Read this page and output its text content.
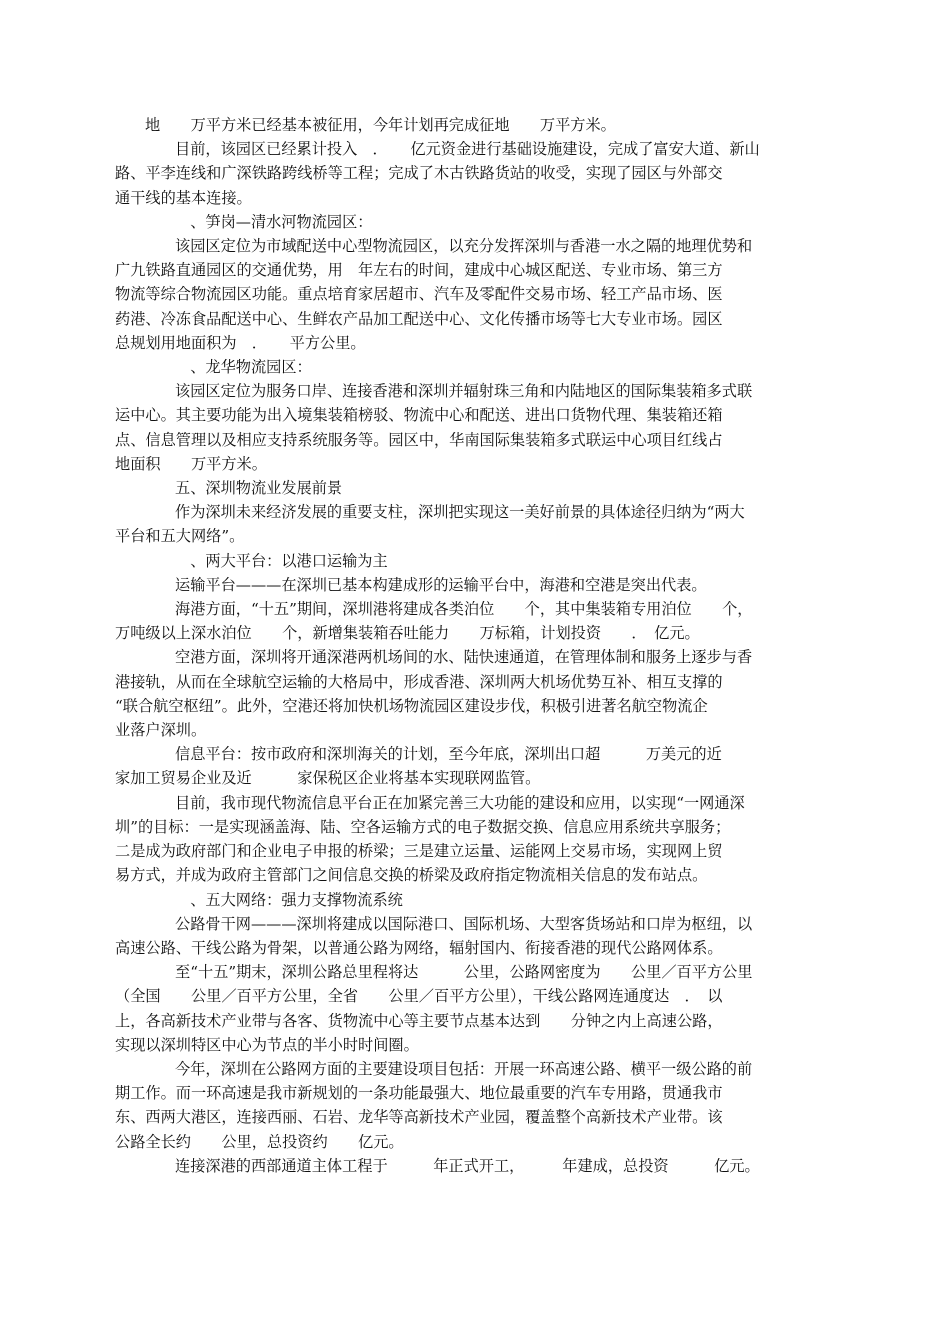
地　　万平方米已经基本被征用，今年计划再完成征地　　万平方米。

目前，该园区已经累计投入　．　　亿元资金进行基础设施建设，完成了富安大道、新山
路、平李连线和广深铁路跨线桥等工程；完成了木古铁路货站的收受，实现了园区与外部交
通干线的基本连接。

　、笋岗—清水河物流园区：

该园区定位为市域配送中心型物流园区，以充分发挥深圳与香港一水之隔的地理优势和
广九铁路直通园区的交通优势，用　年左右的时间，建成中心城区配送、专业市场、第三方
物流等综合物流园区功能。重点培育家居超市、汽车及零配件交易市场、轻工产品市场、医
药港、冷冻食品配送中心、生鲜农产品加工配送中心、文化传播市场等七大专业市场。园区
总规划用地面积为　．　　平方公里。

　、龙华物流园区：

该园区定位为服务口岸、连接香港和深圳并辐射珠三角和内陆地区的国际集装箱多式联
运中心。其主要功能为出入境集装箱榜驳、物流中心和配送、进出口货物代理、集装箱还箱
点、信息管理以及相应支持系统服务等。园区中，华南国际集装箱多式联运中心项目红线占
地面积　　万平方米。

五、深圳物流业发展前景

作为深圳未来经济发展的重要支柱，深圳把实现这一美好前景的具体途径归纳为“两大
平台和五大网络”。

　、两大平台：以港口运输为主

运输平台———在深圳已基本构建成形的运输平台中，海港和空港是突出代表。

海港方面，“十五”期间，深圳港将建成各类泊位　　个，其中集装箱专用泊位　　个，
万吨级以上深水泊位　　个，新增集装箱吞吐能力　　万标箱，计划投资　　．　亿元。

空港方面，深圳将开通深港两机场间的水、陆快速通道，在管理体制和服务上逐步与香
港接轨，从而在全球航空运输的大格局中，形成香港、深圳两大机场优势互补、相互支撑的
“联合航空枢纽”。此外，空港还将加快机场物流园区建设步伐，积极引进著名航空物流企
业落户深圳。

信息平台：按市政府和深圳海关的计划，至今年底，深圳出口超　　　万美元的近
家加工贸易企业及近　　　家保税区企业将基本实现联网监管。

目前，我市现代物流信息平台正在加紧完善三大功能的建设和应用，以实现“一网通深
圳”的目标：一是实现涵盖海、陆、空各运输方式的电子数据交换、信息应用系统共享服务；
二是成为政府部门和企业电子申报的桥梁；三是建立运量、运能网上交易市场，实现网上贸
易方式，并成为政府主管部门之间信息交换的桥梁及政府指定物流相关信息的发布站点。

　、五大网络：强力支撑物流系统

公路骨干网———深圳将建成以国际港口、国际机场、大型客货场站和口岸为枢纽，以
高速公路、干线公路为骨架，以普通公路为网络，辐射国内、衔接香港的现代公路网体系。

至“十五”期末，深圳公路总里程将达　　　公里，公路网密度为　　公里／百平方公里
（全国　　公里／百平方公里，全省　　公里／百平方公里），干线公路网连通度达　．　以
上，各高新技术产业带与各客、货物流中心等主要节点基本达到　　分钟之内上高速公路，
实现以深圳特区中心为节点的半小时时间圈。

今年，深圳在公路网方面的主要建设项目包括：开展一环高速公路、横平一级公路的前
期工作。而一环高速是我市新规划的一条功能最强大、地位最重要的汽车专用路，贯通我市
东、西两大港区，连接西丽、石岩、龙华等高新技术产业园，覆盖整个高新技术产业带。该
公路全长约　　公里，总投资约　　亿元。

连接深港的西部通道主体工程于　　　年正式开工，　　　年建成，总投资　　　亿元。
